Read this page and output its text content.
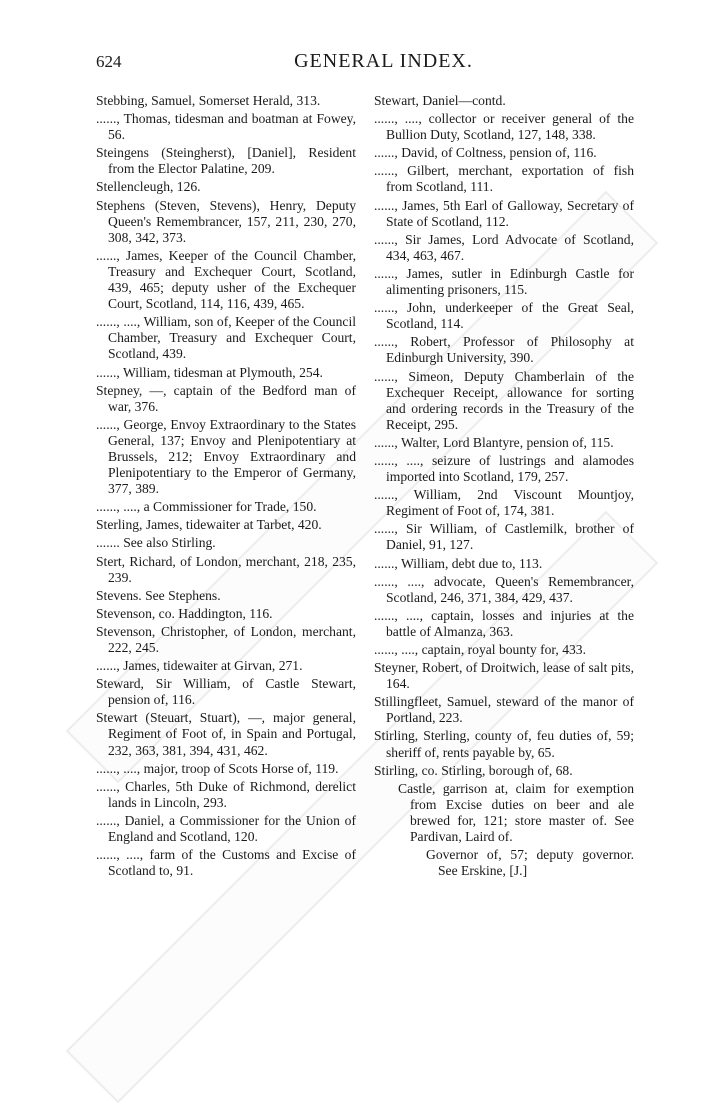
624	GENERAL INDEX.
Stebbing, Samuel, Somerset Herald, 313.
......, Thomas, tidesman and boatman at Fowey, 56.
Steingens (Steingherst), [Daniel], Resident from the Elector Palatine, 209.
Stellencleugh, 126.
Stephens (Steven, Stevens), Henry, Deputy Queen's Remembrancer, 157, 211, 230, 270, 308, 342, 373.
......, James, Keeper of the Council Chamber, Treasury and Exchequer Court, Scotland, 439, 465; deputy usher of the Exchequer Court, Scotland, 114, 116, 439, 465.
......, ...., William, son of, Keeper of the Council Chamber, Treasury and Exchequer Court, Scotland, 439.
......, William, tidesman at Plymouth, 254.
Stepney, —, captain of the Bedford man of war, 376.
......, George, Envoy Extraordinary to the States General, 137; Envoy and Plenipotentiary at Brussels, 212; Envoy Extraordinary and Plenipotentiary to the Emperor of Germany, 377, 389.
......, ...., a Commissioner for Trade, 150.
Sterling, James, tidewaiter at Tarbet, 420.
....... See also Stirling.
Stert, Richard, of London, merchant, 218, 235, 239.
Stevens. See Stephens.
Stevenson, co. Haddington, 116.
Stevenson, Christopher, of London, merchant, 222, 245.
......, James, tidewaiter at Girvan, 271.
Steward, Sir William, of Castle Stewart, pension of, 116.
Stewart (Steuart, Stuart), —, major general, Regiment of Foot of, in Spain and Portugal, 232, 363, 381, 394, 431, 462.
......, ...., major, troop of Scots Horse of, 119.
......, Charles, 5th Duke of Richmond, derelict lands in Lincoln, 293.
......, Daniel, a Commissioner for the Union of England and Scotland, 120.
......, ...., farm of the Customs and Excise of Scotland to, 91.
Stewart, Daniel—contd.
......, ...., collector or receiver general of the Bullion Duty, Scotland, 127, 148, 338.
......, David, of Coltness, pension of, 116.
......, Gilbert, merchant, exportation of fish from Scotland, 111.
......, James, 5th Earl of Galloway, Secretary of State of Scotland, 112.
......, Sir James, Lord Advocate of Scotland, 434, 463, 467.
......, James, sutler in Edinburgh Castle for alimenting prisoners, 115.
......, John, underkeeper of the Great Seal, Scotland, 114.
......, Robert, Professor of Philosophy at Edinburgh University, 390.
......, Simeon, Deputy Chamberlain of the Exchequer Receipt, allowance for sorting and ordering records in the Treasury of the Receipt, 295.
......, Walter, Lord Blantyre, pension of, 115.
......, ...., seizure of lustrings and alamodes imported into Scotland, 179, 257.
......, William, 2nd Viscount Mountjoy, Regiment of Foot of, 174, 381.
......, Sir William, of Castlemilk, brother of Daniel, 91, 127.
......, William, debt due to, 113.
......, ...., advocate, Queen's Remembrancer, Scotland, 246, 371, 384, 429, 437.
......, ...., captain, losses and injuries at the battle of Almanza, 363.
......, ...., captain, royal bounty for, 433.
Steyner, Robert, of Droitwich, lease of salt pits, 164.
Stillingfleet, Samuel, steward of the manor of Portland, 223.
Stirling, Sterling, county of, feu duties of, 59; sheriff of, rents payable by, 65.
Stirling, co. Stirling, borough of, 68.
Castle, garrison at, claim for exemption from Excise duties on beer and ale brewed for, 121; store master of. See Pardivan, Laird of.
Governor of, 57; deputy governor. See Erskine, [J.]
